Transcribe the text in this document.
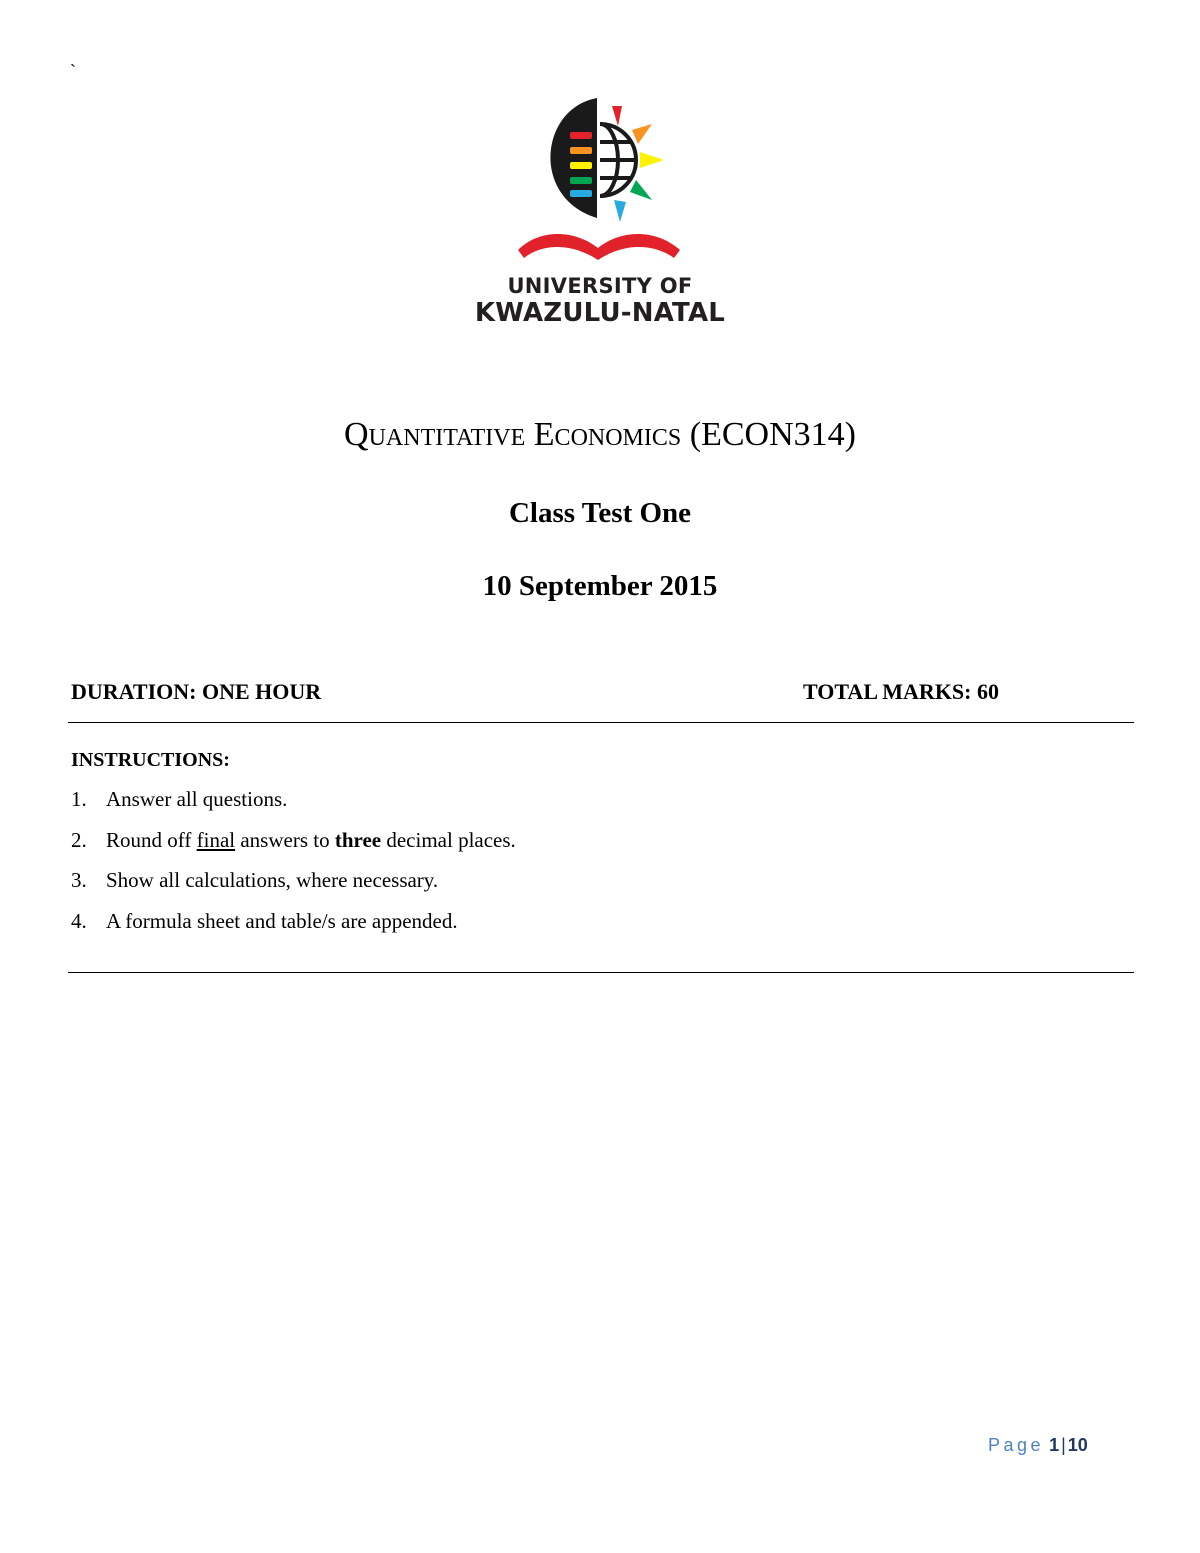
`
UNIVERSITY OF
KWAZULU-NATAL
Quantitative Economics (ECON314)
Class Test One
10 September 2015
DURATION: ONE HOUR	TOTAL MARKS: 60
INSTRUCTIONS:
1. Answer all questions.
2. Round off final answers to three decimal places.
3. Show all calculations, where necessary.
4. A formula sheet and table/s are appended.
Page 1 | 10
